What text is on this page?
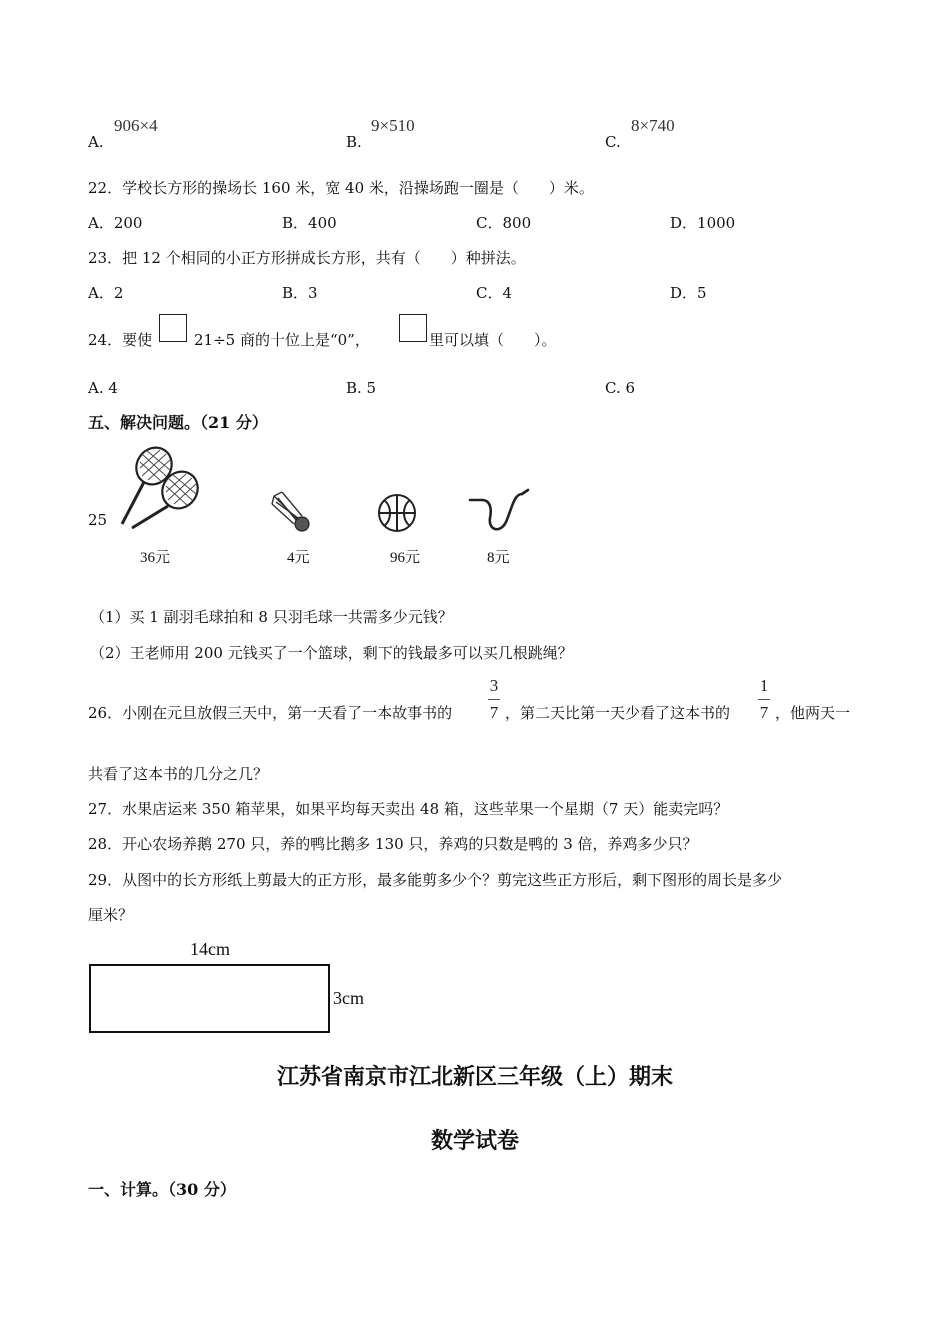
A.
906×4
B.
9×510
C.
8×740
22．学校长方形的操场长 160 米，宽 40 米，沿操场跑一圈是（　　）米。
A．200	B．400	C．800	D．1000
23．把 12 个相同的小正方形拼成长方形，共有（　　）种拼法。
A．2	B．3	C．4	D．5
24．要使	21÷5 商的十位上是“0”，	里可以填（　　）。
A. 4	B. 5	C. 6
五、解决问题。（21 分）
25
36元	4元	96元	8元
（1）买 1 副羽毛球拍和 8 只羽毛球一共需多少元钱？
（2）王老师用 200 元钱买了一个篮球，剩下的钱最多可以买几根跳绳？
26．小刚在元旦放假三天中，第一天看了一本故事书的
3
7 ，第二天比第一天少看了这本书的
1
7 ，他两天一
共看了这本书的几分之几？
27．水果店运来 350 箱苹果，如果平均每天卖出 48 箱，这些苹果一个星期（7 天）能卖完吗？
28．开心农场养鹅 270 只，养的鸭比鹅多 130 只，养鸡的只数是鸭的 3 倍，养鸡多少只？
29．从图中的长方形纸上剪最大的正方形，最多能剪多少个？剪完这些正方形后，剩下图形的周长是多少
厘米？
14cm
3cm
江苏省南京市江北新区三年级（上）期末
数学试卷
一、计算。（30 分）
